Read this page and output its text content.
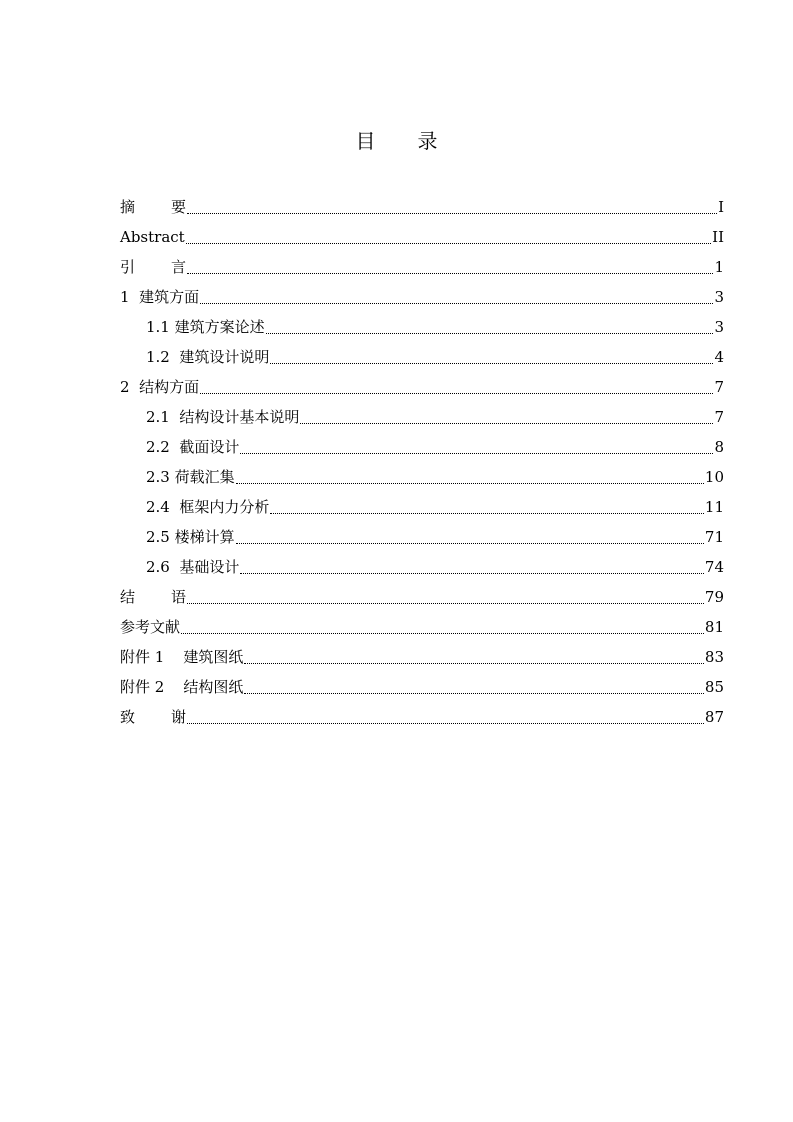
目 录
摘 要	I
Abstract	II
引 言	1
1  建筑方面	3
1.1 建筑方案论述	3
1.2  建筑设计说明	4
2  结构方面	7
2.1  结构设计基本说明	7
2.2  截面设计	8
2.3 荷载汇集	10
2.4  框架内力分析	11
2.5 楼梯计算	71
2.6  基础设计	74
结 语	79
参考文献	81
附件 1    建筑图纸	83
附件 2    结构图纸	85
致 谢	87
